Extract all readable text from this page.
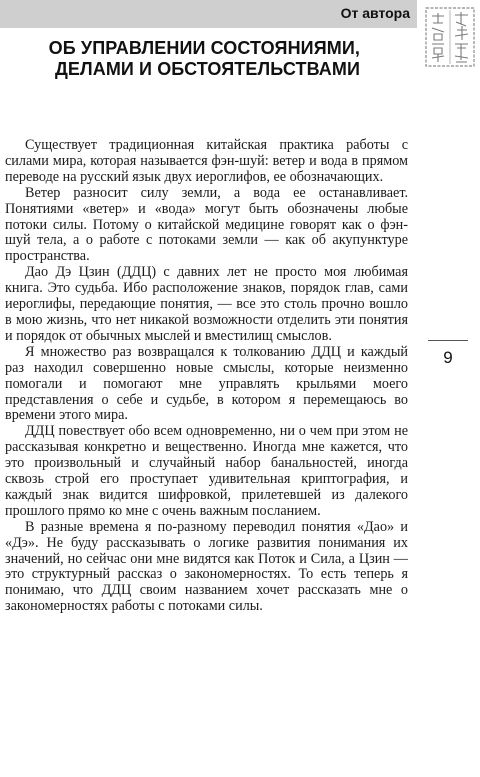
От автора
ОБ УПРАВЛЕНИИ СОСТОЯНИЯМИ,
ДЕЛАМИ И ОБСТОЯТЕЛЬСТВАМИ

Существует традиционная китайская практика работы с силами мира, которая называется фэн-шуй: ветер и вода в прямом переводе на русский язык двух иероглифов, ее обозначающих.

Ветер разносит силу земли, а вода ее останавливает. Понятиями «ветер» и «вода» могут быть обозначены любые потоки силы. Потому о китайской медицине говорят как о фэн-шуй тела, а о работе с потоками земли — как об акупунктуре пространства.

Дао Дэ Цзин (ДДЦ) с давних лет не просто моя любимая книга. Это судьба. Ибо расположение знаков, порядок глав, сами иероглифы, передающие понятия, — все это столь прочно вошло в мою жизнь, что нет никакой возможности отделить эти понятия и порядок от обычных мыслей и вместилищ смыслов.

Я множество раз возвращался к толкованию ДДЦ и каждый раз находил совершенно новые смыслы, которые неизменно помогали и помогают мне управлять крыльями моего представления о себе и судьбе, в котором я перемещаюсь во времени этого мира.

ДДЦ повествует обо всем одновременно, ни о чем при этом не рассказывая конкретно и вещественно. Иногда мне кажется, что это произвольный и случайный набор банальностей, иногда сквозь строй его проступает удивительная криптография, и каждый знак видится шифровкой, прилетевшей из далекого прошлого прямо ко мне с очень важным посланием.

В разные времена я по-разному переводил понятия «Дао» и «Дэ». Не буду рассказывать о логике развития понимания их значений, но сейчас они мне видятся как Поток и Сила, а Цзин — это структурный рассказ о закономерностях. То есть теперь я понимаю, что ДДЦ своим названием хочет рассказать мне о закономерностях работы с потоками силы.

9
